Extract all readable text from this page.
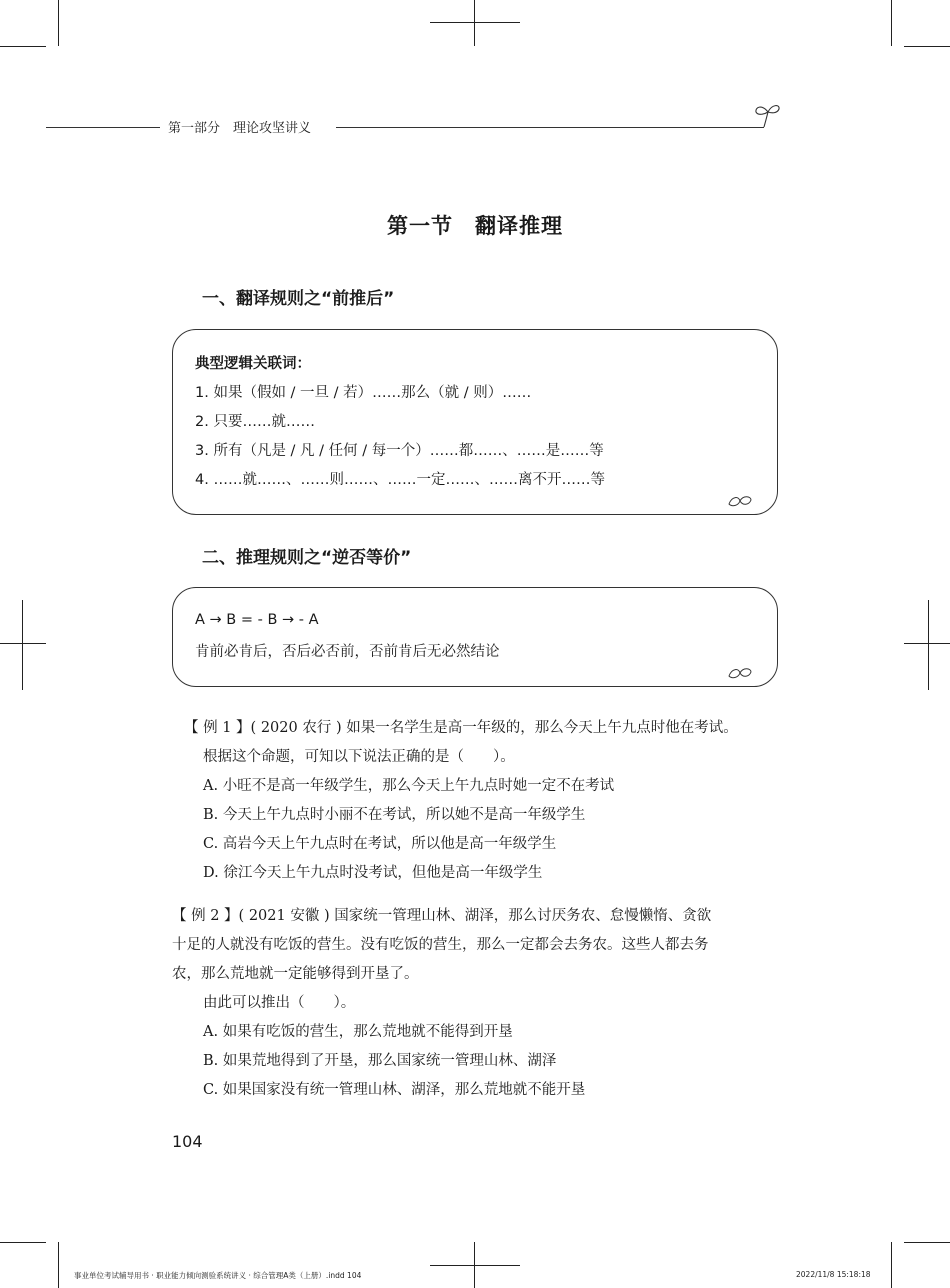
第一部分　理论攻坚讲义
第一节　翻译推理
一、翻译规则之“前推后”
典型逻辑关联词：
1. 如果（假如 / 一旦 / 若）……那么（就 / 则）……
2. 只要……就……
3. 所有（凡是 / 凡 / 任何 / 每一个）……都……、……是……等
4. ……就……、……则……、……一定……、……离不开……等
二、推理规则之“逆否等价”
A → B = - B → - A
肯前必肯后，否后必否前，否前肯后无必然结论
【 例 1 】( 2020 农行 ) 如果一名学生是高一年级的，那么今天上午九点时他在考试。
根据这个命题，可知以下说法正确的是（　　）。
A. 小旺不是高一年级学生，那么今天上午九点时她一定不在考试
B. 今天上午九点时小丽不在考试，所以她不是高一年级学生
C. 高岩今天上午九点时在考试，所以他是高一年级学生
D. 徐江今天上午九点时没考试，但他是高一年级学生
【 例 2 】( 2021 安徽 ) 国家统一管理山林、湖泽，那么讨厌务农、怠慢懒惰、贪欲
十足的人就没有吃饭的营生。没有吃饭的营生，那么一定都会去务农。这些人都去务
农，那么荒地就一定能够得到开垦了。
由此可以推出（　　）。
A. 如果有吃饭的营生，那么荒地就不能得到开垦
B. 如果荒地得到了开垦，那么国家统一管理山林、湖泽
C. 如果国家没有统一管理山林、湖泽，那么荒地就不能开垦
104
事业单位考试辅导用书 · 职业能力倾向测验系统讲义 · 综合管理A类（上册）.indd 104	2022/11/8 15:18:18
